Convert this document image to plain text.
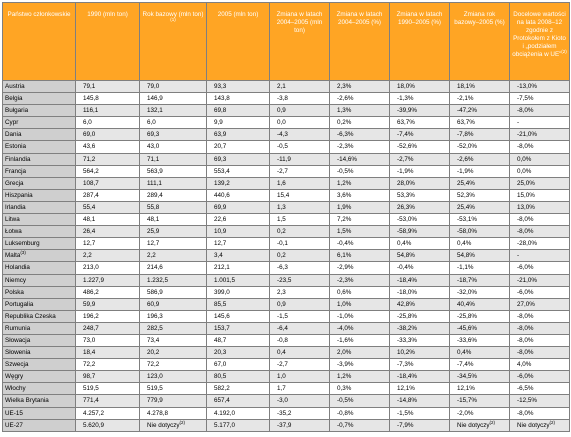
Państwo członkowskie	1990 (mln ton)	Rok bazowy (mln ton)$^{(1)}$	2005 (mln ton)	Zmiana w latach 2004–2005 (mln ton)	Zmiana w latach 2004–2005 (%)	Zmiana w latach 1990–2005 (%)	Zmiana rok bazowy–2005 (%)	Docelowe wartości na lata 2008–12 zgodnie z Protokołem z Kioto i „podziałem obciążenia w UE”$^{(2)}$
Austria	79,1	79,0	93,3	2,1	2,3%	18,0%	18,1%	-13,0%
Belgia	145,8	146,9	143,8	-3,8	-2,6%	-1,3%	-2,1%	-7,5%
Bułgaria	116,1	132,1	69,8	0,9	1,3%	-39,9%	-47,2%	-8,0%
Cypr	6,0	6,0	9,9	0,0	0,2%	63,7%	63,7%	-
Dania	69,0	69,3	63,9	-4,3	-6,3%	-7,4%	-7,8%	-21,0%
Estonia	43,6	43,0	20,7	-0,5	-2,3%	-52,6%	-52,0%	-8,0%
Finlandia	71,2	71,1	69,3	-11,9	-14,6%	-2,7%	-2,6%	0,0%
Francja	564,2	563,9	553,4	-2,7	-0,5%	-1,9%	-1,9%	0,0%
Grecja	108,7	111,1	139,2	1,6	1,2%	28,0%	25,4%	25,0%
Hiszpania	287,4	289,4	440,6	15,4	3,6%	53,3%	52,3%	15,0%
Irlandia	55,4	55,8	69,9	1,3	1,9%	26,3%	25,4%	13,0%
Litwa	48,1	48,1	22,6	1,5	7,2%	-53,0%	-53,1%	-8,0%
Łotwa	26,4	25,9	10,9	0,2	1,5%	-58,9%	-58,0%	-8,0%
Luksemburg	12,7	12,7	12,7	-0,1	-0,4%	0,4%	0,4%	-28,0%
Malta$^{(3)}$	2,2	2,2	3,4	0,2	6,1%	54,8%	54,8%	-
Holandia	213,0	214,6	212,1	-6,3	-2,9%	-0,4%	-1,1%	-6,0%
Niemcy	1.227,9	1.232,5	1.001,5	-23,5	-2,3%	-18,4%	-18,7%	-21,0%
Polska	486,2	586,9	399,0	2,3	0,6%	-18,0%	-32,0%	-6,0%
Portugalia	59,9	60,9	85,5	0,9	1,0%	42,8%	40,4%	27,0%
Republika Czeska	196,2	196,3	145,6	-1,5	-1,0%	-25,8%	-25,8%	-8,0%
Rumunia	248,7	282,5	153,7	-6,4	-4,0%	-38,2%	-45,6%	-8,0%
Słowacja	73,0	73,4	48,7	-0,8	-1,6%	-33,3%	-33,6%	-8,0%
Słowenia	18,4	20,2	20,3	0,4	2,0%	10,2%	0,4%	-8,0%
Szwecja	72,2	72,2	67,0	-2,7	-3,9%	-7,3%	-7,4%	4,0%
Węgry	98,7	123,0	80,5	1,0	1,2%	-18,4%	-34,5%	-6,0%
Włochy	519,5	519,5	582,2	1,7	0,3%	12,1%	12,1%	-6,5%
Wielka Brytania	771,4	779,9	657,4	-3,0	-0,5%	-14,8%	-15,7%	-12,5%
UE-15	4.257,2	4.278,8	4.192,0	-35,2	-0,8%	-1,5%	-2,0%	-8,0%
UE-27	5.620,9	Nie dotyczy$^{(2)}$	5.177,0	-37,9	-0,7%	-7,9%	Nie dotyczy$^{(2)}$	Nie dotyczy$^{(2)}$
